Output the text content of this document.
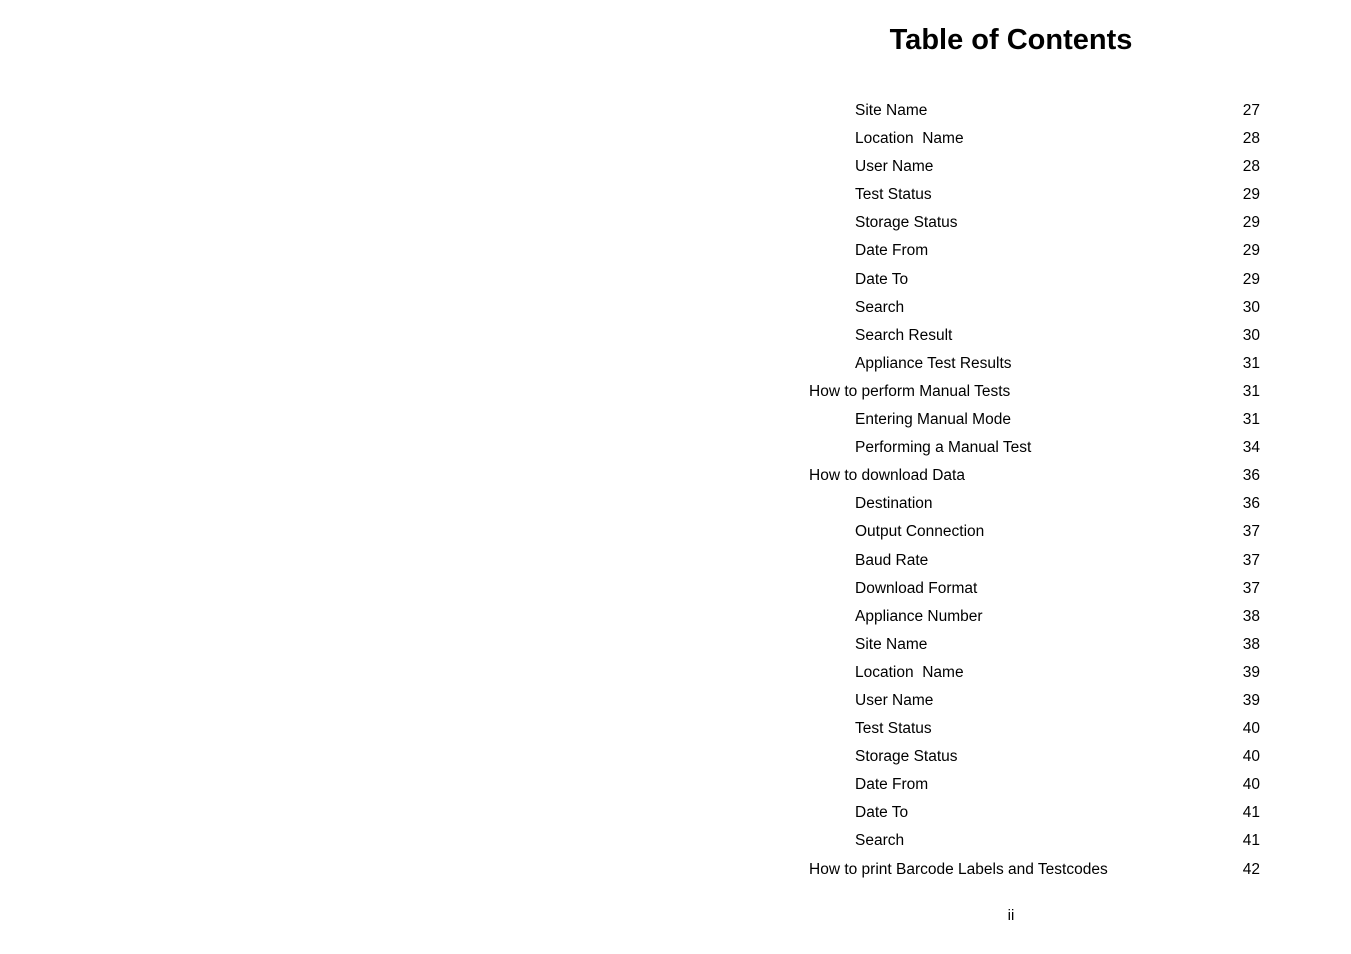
Table of Contents
Site Name	27
Location  Name	28
User Name	28
Test Status	29
Storage Status	29
Date From	29
Date To	29
Search	30
Search Result	30
Appliance Test Results	31
How to perform Manual Tests	31
Entering Manual Mode	31
Performing a Manual Test	34
How to download Data	36
Destination	36
Output Connection	37
Baud Rate	37
Download Format	37
Appliance Number	38
Site Name	38
Location  Name	39
User Name	39
Test Status	40
Storage Status	40
Date From	40
Date To	41
Search	41
How to print Barcode Labels and Testcodes	42
ii
